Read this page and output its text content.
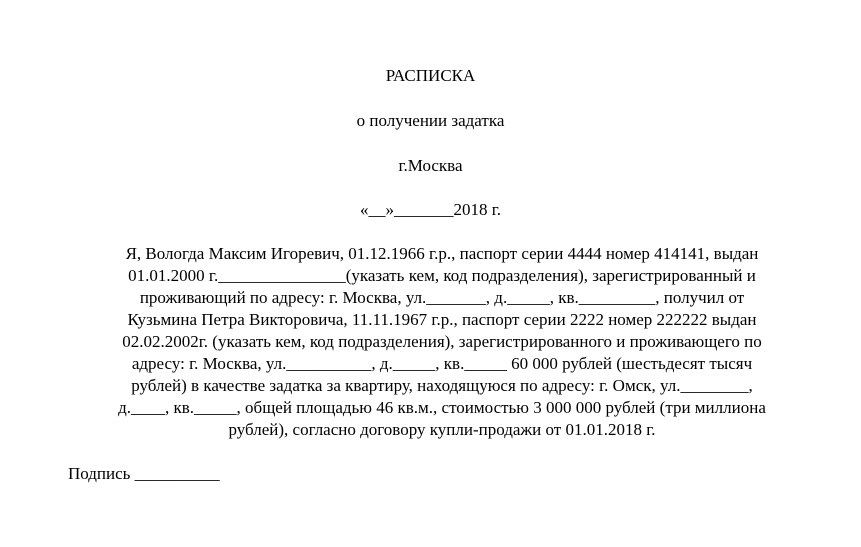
РАСПИСКА
о получении задатка
г.Москва
«__»_______2018 г.
Я, Вологда Максим Игоревич, 01.12.1966 г.р., паспорт серии 4444 номер 414141, выдан
01.01.2000 г._______________(указать кем, код подразделения), зарегистрированный и
проживающий по адресу: г. Москва, ул._______, д._____, кв._________, получил от
Кузьмина Петра Викторовича, 11.11.1967 г.р., паспорт серии 2222 номер 222222 выдан
02.02.2002г. (указать кем, код подразделения), зарегистрированного и проживающего по
адресу: г. Москва, ул.__________, д._____, кв._____ 60 000 рублей (шестьдесят тысяч
рублей) в качестве задатка за квартиру, находящуюся по адресу: г. Омск, ул.________,
д.____, кв._____, общей площадью 46 кв.м., стоимостью 3 000 000 рублей (три миллиона
рублей), согласно договору купли-продажи от 01.01.2018 г.
Подпись __________
